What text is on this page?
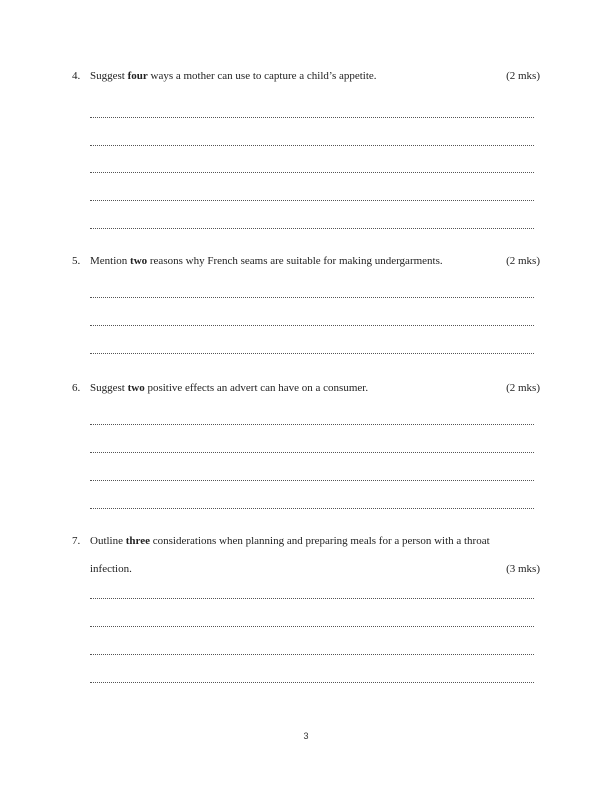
4. Suggest four ways a mother can use to capture a child’s appetite.	(2 mks)
5. Mention two reasons why French seams are suitable for making undergarments.	(2 mks)
6. Suggest two positive effects an advert can have on a consumer.	(2 mks)
7. Outline three considerations when planning and preparing meals for a person with a throat
infection.	(3 mks)
3
